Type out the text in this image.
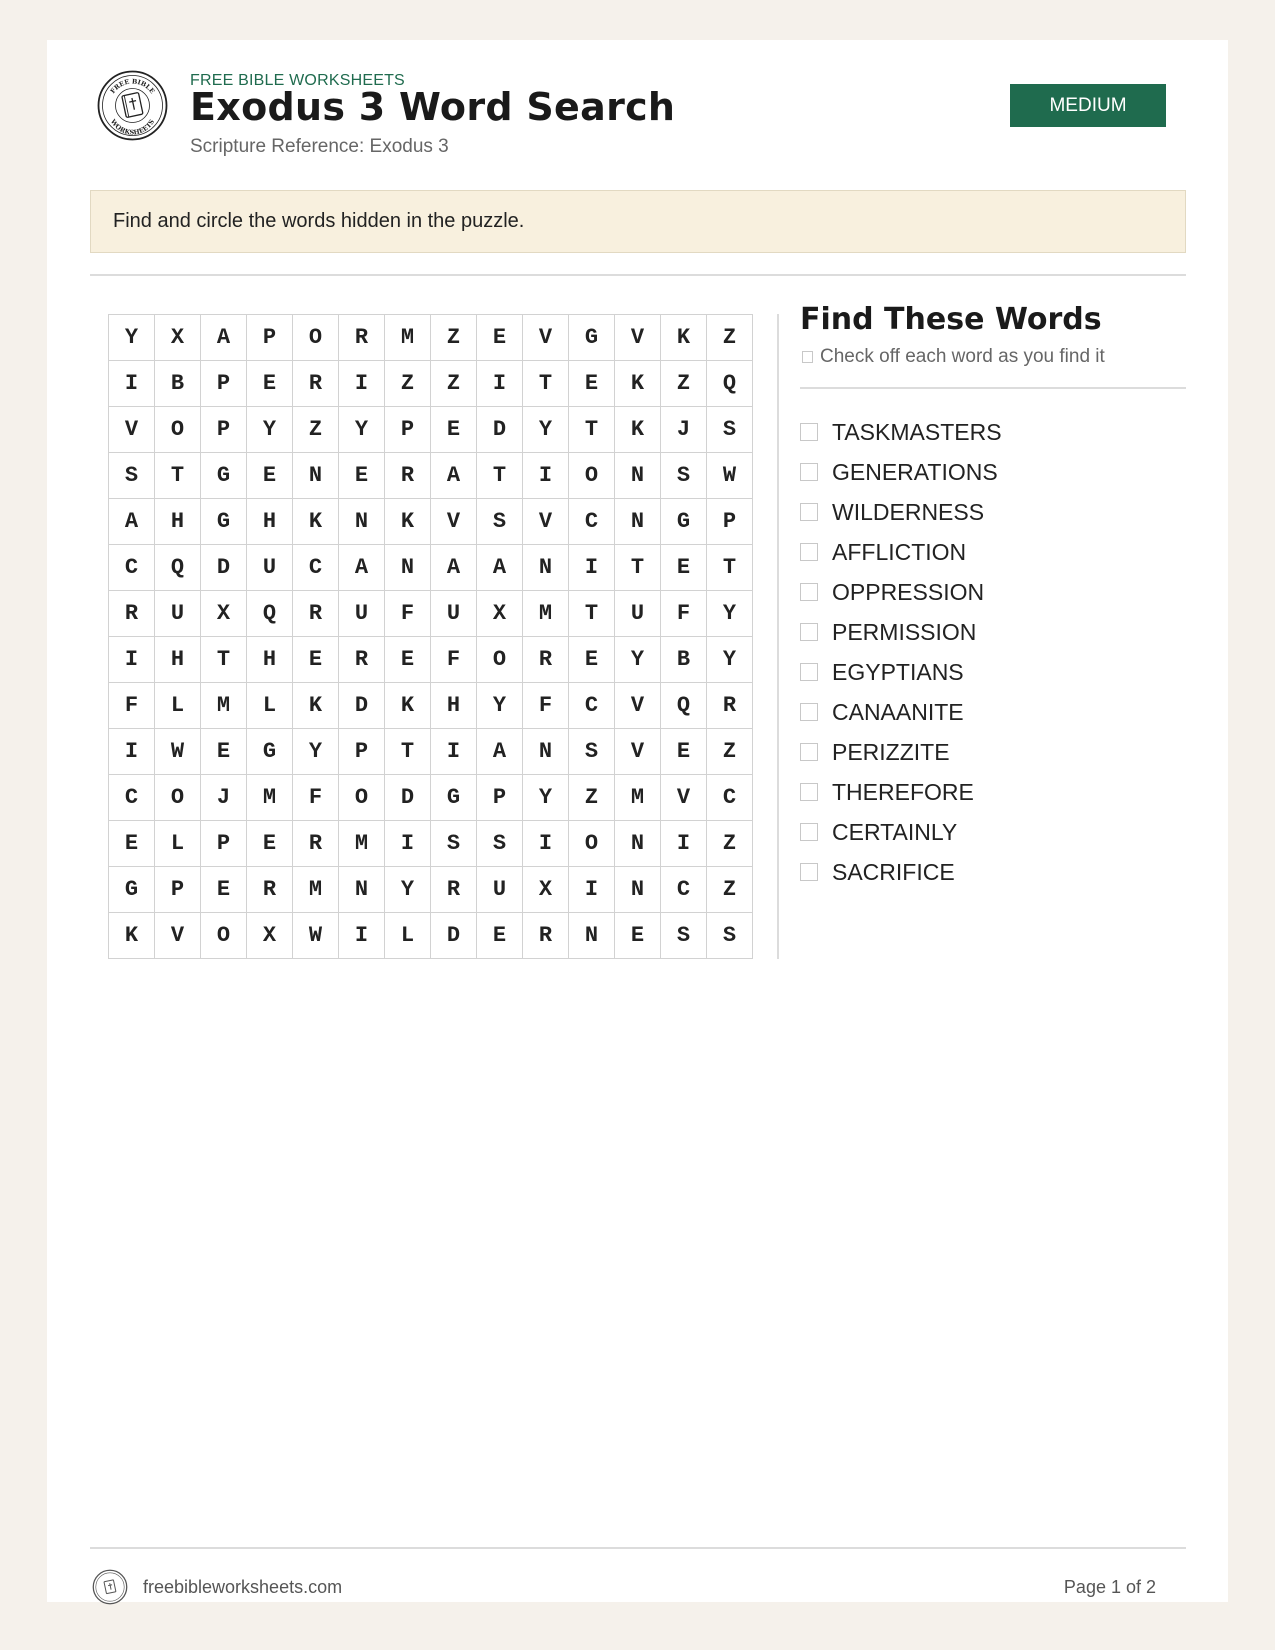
FREE BIBLE
WORKSHEETS
FREE BIBLE WORKSHEETS
Exodus 3 Word Search
Scripture Reference: Exodus 3
MEDIUM
Find and circle the words hidden in the puzzle.
Y	X	A	P	O	R	M	Z	E	V	G	V	K	Z
I	B	P	E	R	I	Z	Z	I	T	E	K	Z	Q
V	O	P	Y	Z	Y	P	E	D	Y	T	K	J	S
S	T	G	E	N	E	R	A	T	I	O	N	S	W
A	H	G	H	K	N	K	V	S	V	C	N	G	P
C	Q	D	U	C	A	N	A	A	N	I	T	E	T
R	U	X	Q	R	U	F	U	X	M	T	U	F	Y
I	H	T	H	E	R	E	F	O	R	E	Y	B	Y
F	L	M	L	K	D	K	H	Y	F	C	V	Q	R
I	W	E	G	Y	P	T	I	A	N	S	V	E	Z
C	O	J	M	F	O	D	G	P	Y	Z	M	V	C
E	L	P	E	R	M	I	S	S	I	O	N	I	Z
G	P	E	R	M	N	Y	R	U	X	I	N	C	Z
K	V	O	X	W	I	L	D	E	R	N	E	S	S
Find These Words
Check off each word as you find it
TASKMASTERS
GENERATIONS
WILDERNESS
AFFLICTION
OPPRESSION
PERMISSION
EGYPTIANS
CANAANITE
PERIZZITE
THEREFORE
CERTAINLY
SACRIFICE
freebibleworksheets.com	Page 1 of 2
